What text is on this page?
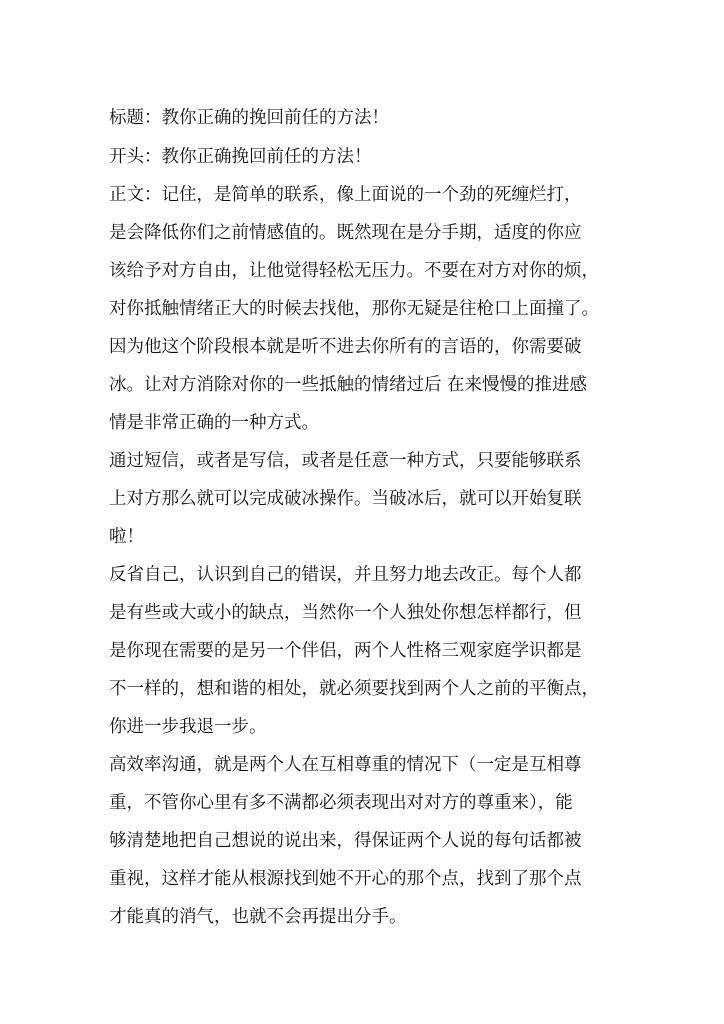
标题：教你正确的挽回前任的方法！
开头：教你正确挽回前任的方法！
正文：记住，是简单的联系，像上面说的一个劲的死缠烂打，
是会降低你们之前情感值的。既然现在是分手期，适度的你应
该给予对方自由，让他觉得轻松无压力。不要在对方对你的烦，
对你抵触情绪正大的时候去找他，那你无疑是往枪口上面撞了。
因为他这个阶段根本就是听不进去你所有的言语的，你需要破
冰。让对方消除对你的一些抵触的情绪过后 在来慢慢的推进感
情是非常正确的一种方式。
通过短信，或者是写信，或者是任意一种方式，只要能够联系
上对方那么就可以完成破冰操作。当破冰后，就可以开始复联
啦！
反省自己，认识到自己的错误，并且努力地去改正。每个人都
是有些或大或小的缺点，当然你一个人独处你想怎样都行，但
是你现在需要的是另一个伴侣，两个人性格三观家庭学识都是
不一样的，想和谐的相处，就必须要找到两个人之前的平衡点，
你进一步我退一步。
高效率沟通，就是两个人在互相尊重的情况下（一定是互相尊
重，不管你心里有多不满都必须表现出对对方的尊重来），能
够清楚地把自己想说的说出来，得保证两个人说的每句话都被
重视，这样才能从根源找到她不开心的那个点，找到了那个点
才能真的消气，也就不会再提出分手。
